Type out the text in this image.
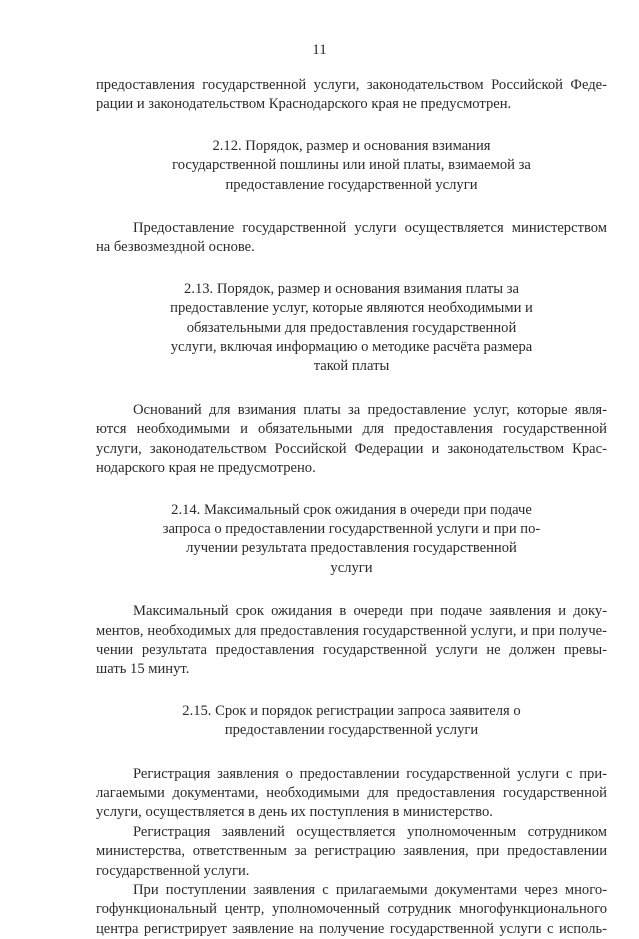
11
предоставления государственной услуги, законодательством Российской Феде-
рации и законодательством Краснодарского края не предусмотрен.
2.12. Порядок, размер и основания взимания
государственной пошлины или иной платы, взимаемой за
предоставление государственной услуги
Предоставление государственной услуги осуществляется министерством
на безвозмездной основе.
2.13. Порядок, размер и основания взимания платы за
предоставление услуг, которые являются необходимыми и
обязательными для предоставления государственной
услуги, включая информацию о методике расчёта размера
такой платы
Оснований для взимания платы за предоставление услуг, которые явля-
ются необходимыми и обязательными для предоставления государственной
услуги, законодательством Российской Федерации и законодательством Крас-
нодарского края не предусмотрено.
2.14. Максимальный срок ожидания в очереди при подаче
запроса о предоставлении государственной услуги и при по-
лучении результата предоставления государственной
услуги
Максимальный срок ожидания в очереди при подаче заявления и доку-
ментов, необходимых для предоставления государственной услуги, и при получе-
чении результата предоставления государственной услуги не должен превы-
шать 15 минут.
2.15. Срок и порядок регистрации запроса заявителя о
предоставлении государственной услуги
Регистрация заявления о предоставлении государственной услуги с при-
лагаемыми документами, необходимыми для предоставления государственной
услуги, осуществляется в день их поступления в министерство.
Регистрация заявлений осуществляется уполномоченным сотрудником
министерства, ответственным за регистрацию заявления, при предоставлении
государственной услуги.
При поступлении заявления с прилагаемыми документами через много-
гофункциональный центр, уполномоченный сотрудник многофункционального
центра регистрирует заявление на получение государственной услуги с исполь-
